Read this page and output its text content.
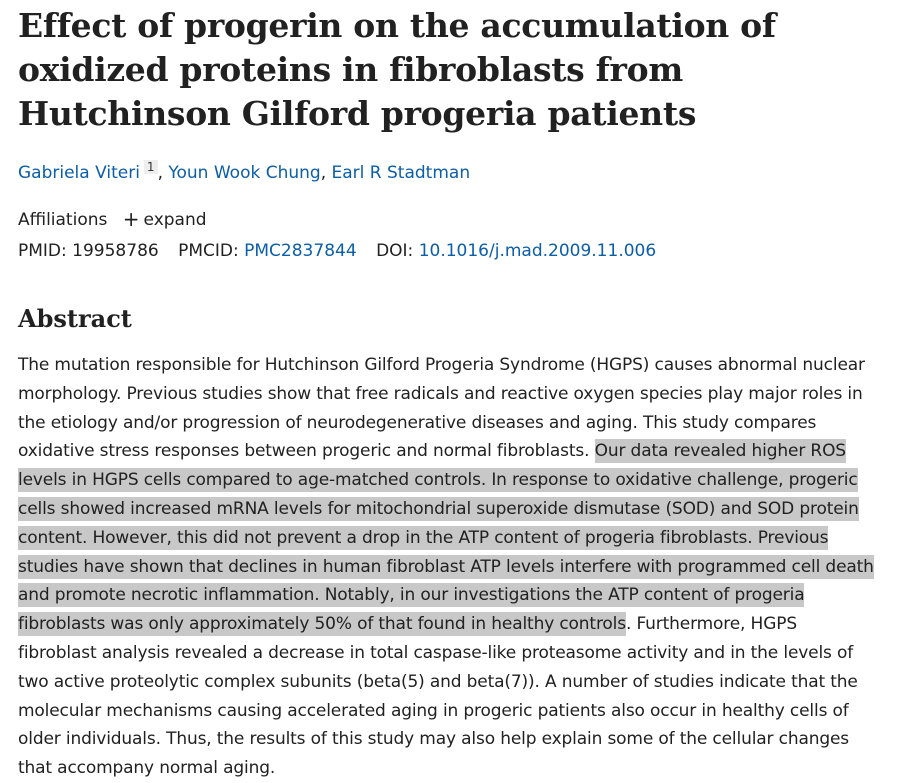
Effect of progerin on the accumulation of oxidized proteins in fibroblasts from Hutchinson Gilford progeria patients
Gabriela Viteri 1 , Youn Wook Chung, Earl R Stadtman
Affiliations + expand
PMID: 19958786 PMCID: PMC2837844 DOI: 10.1016/j.mad.2009.11.006
Abstract

The mutation responsible for Hutchinson Gilford Progeria Syndrome (HGPS) causes abnormal nuclear morphology. Previous studies show that free radicals and reactive oxygen species play major roles in the etiology and/or progression of neurodegenerative diseases and aging. This study compares oxidative stress responses between progeric and normal fibroblasts. Our data revealed higher ROS levels in HGPS cells compared to age-matched controls. In response to oxidative challenge, progeric cells showed increased mRNA levels for mitochondrial superoxide dismutase (SOD) and SOD protein content. However, this did not prevent a drop in the ATP content of progeria fibroblasts. Previous studies have shown that declines in human fibroblast ATP levels interfere with programmed cell death and promote necrotic inflammation. Notably, in our investigations the ATP content of progeria fibroblasts was only approximately 50% of that found in healthy controls. Furthermore, HGPS fibroblast analysis revealed a decrease in total caspase-like proteasome activity and in the levels of two active proteolytic complex subunits (beta(5) and beta(7)). A number of studies indicate that the molecular mechanisms causing accelerated aging in progeric patients also occur in healthy cells of older individuals. Thus, the results of this study may also help explain some of the cellular changes that accompany normal aging.
